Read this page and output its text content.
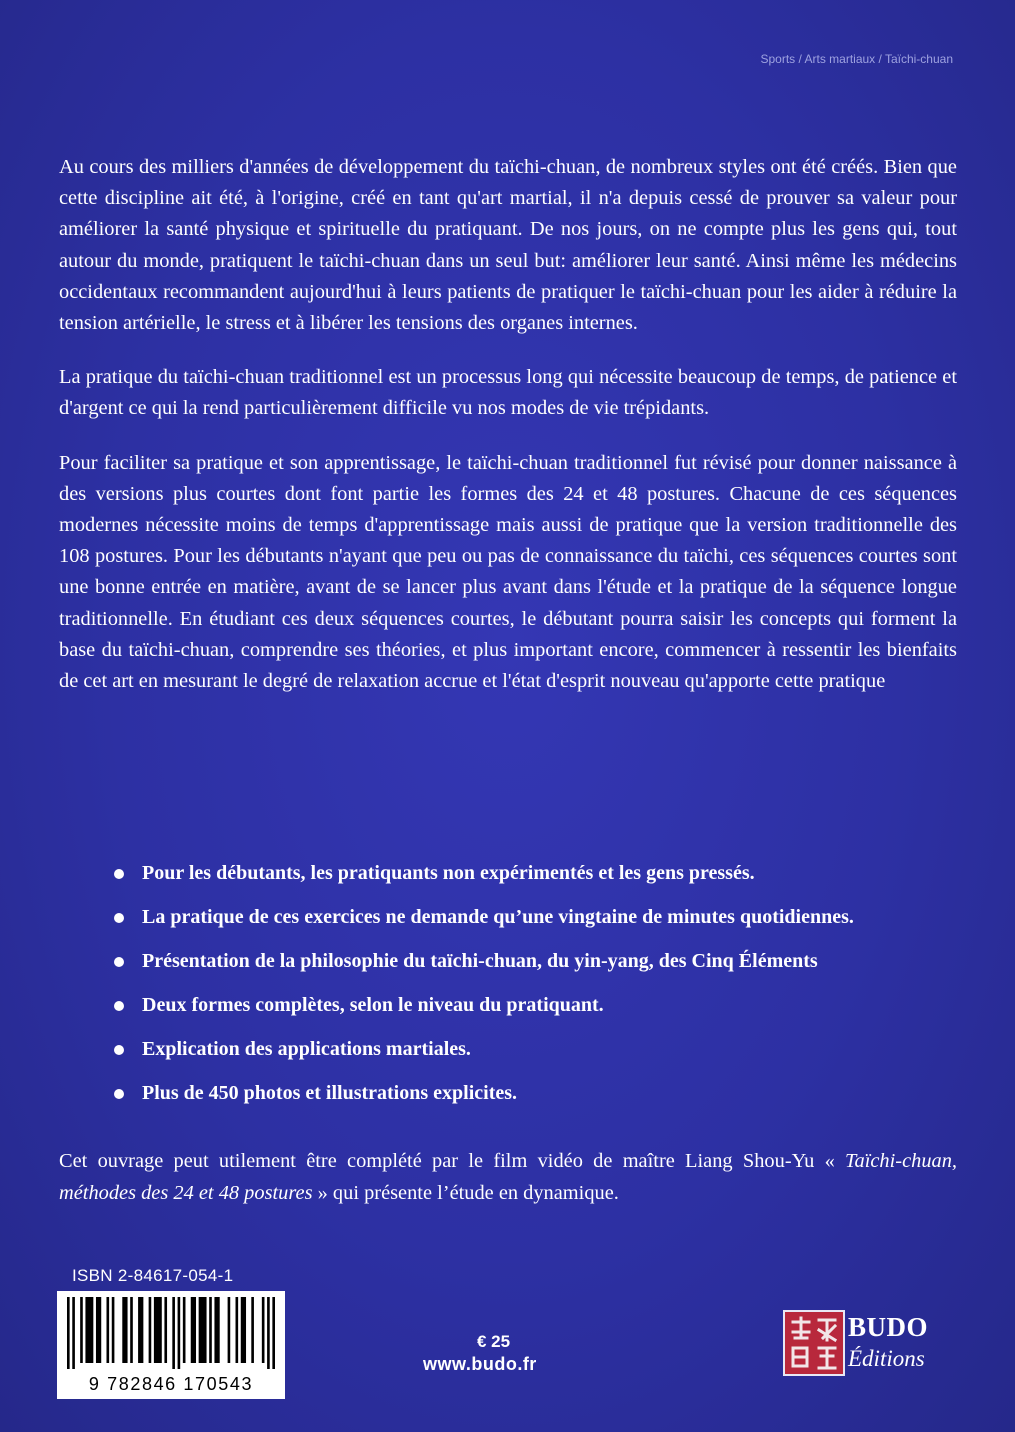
Sports / Arts martiaux / Taïchi-chuan

Au cours des milliers d'années de développement du taïchi-chuan, de nombreux styles ont été créés. Bien que cette discipline ait été, à l'origine, créé en tant qu'art martial, il n'a depuis cessé de prouver sa valeur pour améliorer la santé physique et spirituelle du pratiquant. De nos jours, on ne compte plus les gens qui, tout autour du monde, pratiquent le taïchi-chuan dans un seul but: améliorer leur santé. Ainsi même les médecins occidentaux recommandent aujourd'hui à leurs patients de pratiquer le taïchi-chuan pour les aider à réduire la tension artérielle, le stress et à libérer les tensions des organes internes.

La pratique du taïchi-chuan traditionnel est un processus long qui nécessite beaucoup de temps, de patience et d'argent ce qui la rend particulièrement difficile vu nos modes de vie trépidants.

Pour faciliter sa pratique et son apprentissage, le taïchi-chuan traditionnel fut révisé pour donner naissance à des versions plus courtes dont font partie les formes des 24 et 48 postures. Chacune de ces séquences modernes nécessite moins de temps d'apprentissage mais aussi de pratique que la version traditionnelle des 108 postures. Pour les débutants n'ayant que peu ou pas de connaissance du taïchi, ces séquences courtes sont une bonne entrée en matière, avant de se lancer plus avant dans l'étude et la pratique de la séquence longue traditionnelle. En étudiant ces deux séquences courtes, le débutant pourra saisir les concepts qui forment la base du taïchi-chuan, comprendre ses théories, et plus important encore, commencer à ressentir les bienfaits de cet art en mesurant le degré de relaxation accrue et l'état d'esprit nouveau qu'apporte cette pratique

Pour les débutants, les pratiquants non expérimentés et les gens pressés.
La pratique de ces exercices ne demande qu’une vingtaine de minutes quotidiennes.
Présentation de la philosophie du taïchi-chuan, du yin-yang, des Cinq Éléments
Deux formes complètes, selon le niveau du pratiquant.
Explication des applications martiales.
Plus de 450 photos et illustrations explicites.

Cet ouvrage peut utilement être complété par le film vidéo de maître Liang Shou-Yu « Taïchi-chuan, méthodes des 24 et 48 postures » qui présente l’étude en dynamique.

ISBN 2-84617-054-1
9 782846 170543
€ 25
www.budo.fr
BUDO
Éditions
